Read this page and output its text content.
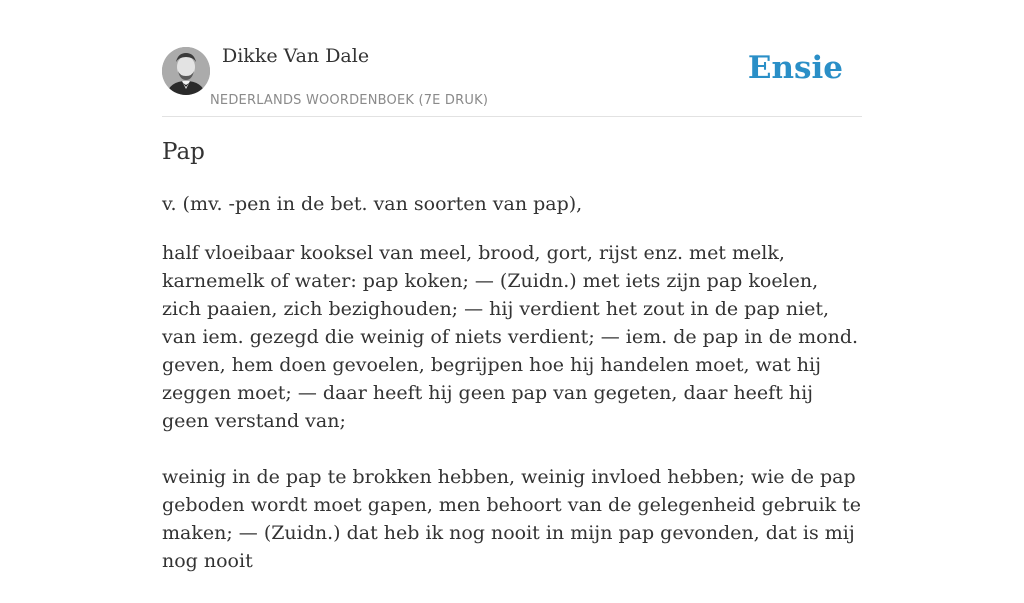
Dikke Van Dale
NEDERLANDS WOORDENBOEK (7E DRUK)
Ensie
Pap
v. (mv. -pen in de bet. van soorten van pap),

half vloeibaar kooksel van meel, brood, gort, rijst enz. met melk, karnemelk of water: pap koken; — (Zuidn.) met iets zijn pap koelen, zich paaien, zich bezighouden; — hij verdient het zout in de pap niet, van iem. gezegd die weinig of niets verdient; — iem. de pap in de mond. geven, hem doen gevoelen, begrijpen hoe hij handelen moet, wat hij zeggen moet; — daar heeft hij geen pap van gegeten, daar heeft hij geen verstand van;

weinig in de pap te brokken hebben, weinig invloed hebben; wie de pap geboden wordt moet gapen, men behoort van de gelegenheid gebruik te maken; — (Zuidn.) dat heb ik nog nooit in mijn pap gevonden, dat is mij nog nooit
